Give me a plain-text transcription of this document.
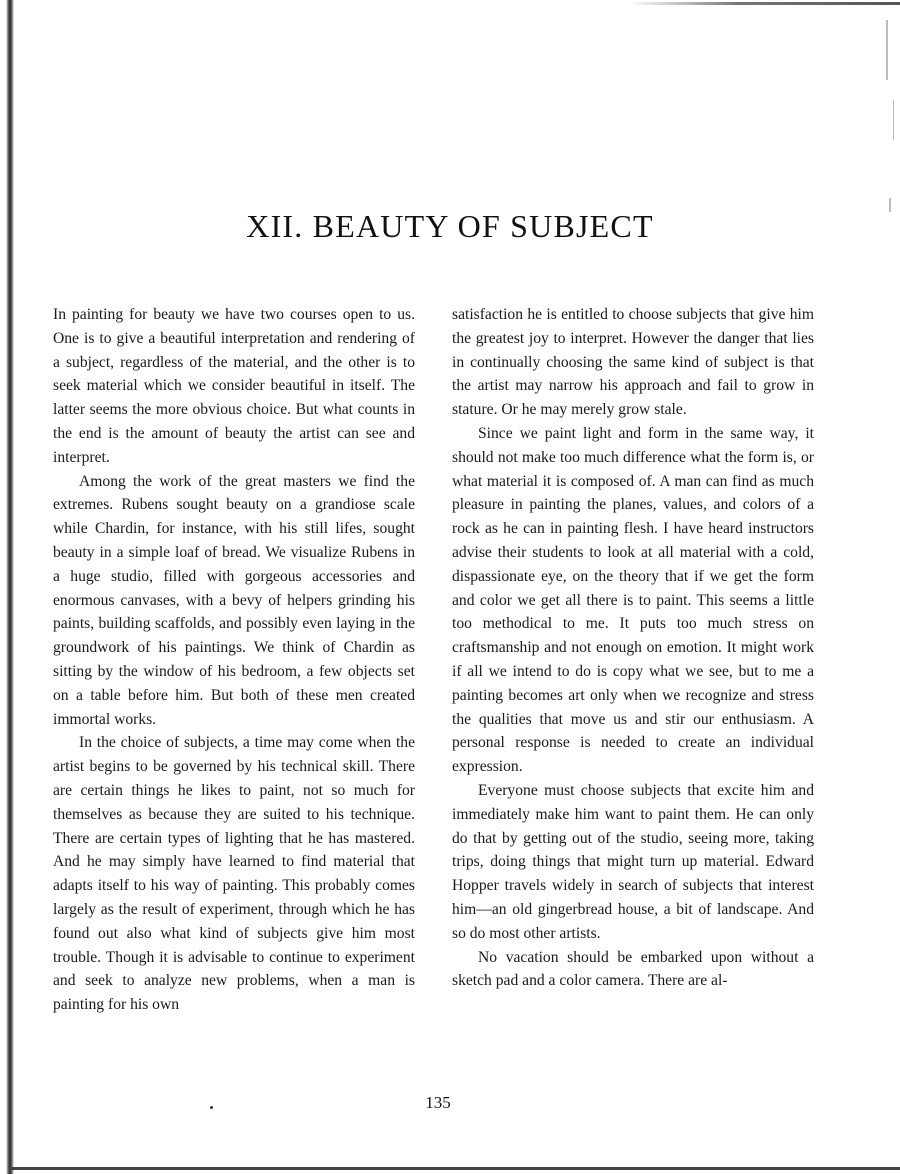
XII. BEAUTY OF SUBJECT

In painting for beauty we have two courses open to us. One is to give a beautiful interpretation and rendering of a subject, regardless of the material, and the other is to seek material which we consider beautiful in itself. The latter seems the more obvious choice. But what counts in the end is the amount of beauty the artist can see and interpret.

Among the work of the great masters we find the extremes. Rubens sought beauty on a grandiose scale while Chardin, for instance, with his still lifes, sought beauty in a simple loaf of bread. We visualize Rubens in a huge studio, filled with gorgeous accessories and enormous canvases, with a bevy of helpers grinding his paints, building scaffolds, and possibly even laying in the groundwork of his paintings. We think of Chardin as sitting by the window of his bedroom, a few objects set on a table before him. But both of these men created immortal works.

In the choice of subjects, a time may come when the artist begins to be governed by his technical skill. There are certain things he likes to paint, not so much for themselves as because they are suited to his technique. There are certain types of lighting that he has mastered. And he may simply have learned to find material that adapts itself to his way of painting. This probably comes largely as the result of experiment, through which he has found out also what kind of subjects give him most trouble. Though it is advisable to continue to experiment and seek to analyze new problems, when a man is painting for his own

satisfaction he is entitled to choose subjects that give him the greatest joy to interpret. However the danger that lies in continually choosing the same kind of subject is that the artist may narrow his approach and fail to grow in stature. Or he may merely grow stale.

Since we paint light and form in the same way, it should not make too much difference what the form is, or what material it is composed of. A man can find as much pleasure in painting the planes, values, and colors of a rock as he can in painting flesh. I have heard instructors advise their students to look at all material with a cold, dispassionate eye, on the theory that if we get the form and color we get all there is to paint. This seems a little too methodical to me. It puts too much stress on craftsmanship and not enough on emotion. It might work if all we intend to do is copy what we see, but to me a painting becomes art only when we recognize and stress the qualities that move us and stir our enthusiasm. A personal response is needed to create an individual expression.

Everyone must choose subjects that excite him and immediately make him want to paint them. He can only do that by getting out of the studio, seeing more, taking trips, doing things that might turn up material. Edward Hopper travels widely in search of subjects that interest him—an old gingerbread house, a bit of landscape. And so do most other artists.

No vacation should be embarked upon without a sketch pad and a color camera. There are al-

135
